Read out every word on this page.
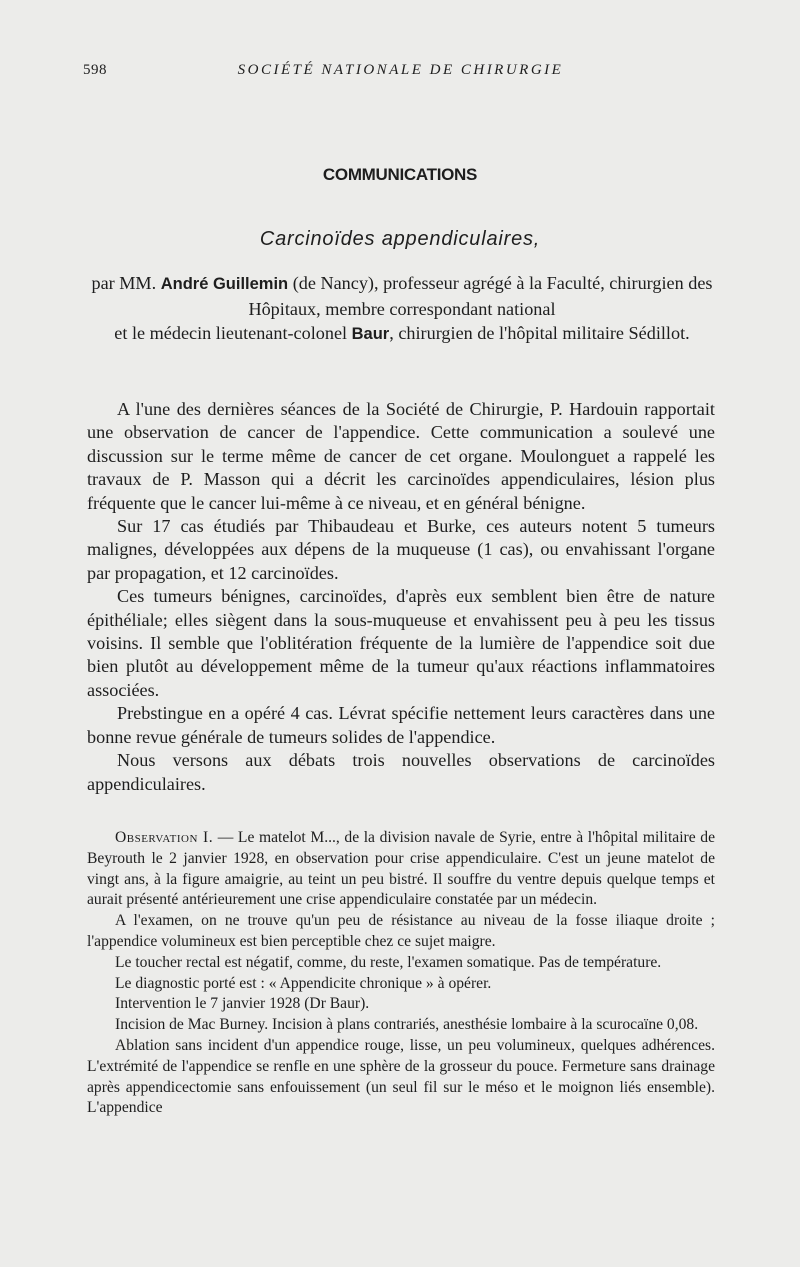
598	SOCIÉTÉ NATIONALE DE CHIRURGIE
COMMUNICATIONS
Carcinoïdes appendiculaires,
par MM. André Guillemin (de Nancy), professeur agrégé à la Faculté, chirurgien des Hôpitaux, membre correspondant national
et le médecin lieutenant-colonel Baur, chirurgien de l'hôpital militaire Sédillot.

A l'une des dernières séances de la Société de Chirurgie, P. Hardouin rapportait une observation de cancer de l'appendice. Cette communication a soulevé une discussion sur le terme même de cancer de cet organe. Moulonguet a rappelé les travaux de P. Masson qui a décrit les carcinoïdes appendiculaires, lésion plus fréquente que le cancer lui-même à ce niveau, et en général bénigne.

Sur 17 cas étudiés par Thibaudeau et Burke, ces auteurs notent 5 tumeurs malignes, développées aux dépens de la muqueuse (1 cas), ou envahissant l'organe par propagation, et 12 carcinoïdes.

Ces tumeurs bénignes, carcinoïdes, d'après eux semblent bien être de nature épithéliale; elles siègent dans la sous-muqueuse et envahissent peu à peu les tissus voisins. Il semble que l'oblitération fréquente de la lumière de l'appendice soit due bien plutôt au développement même de la tumeur qu'aux réactions inflammatoires associées.

Prebstingue en a opéré 4 cas. Lévrat spécifie nettement leurs caractères dans une bonne revue générale de tumeurs solides de l'appendice.

Nous versons aux débats trois nouvelles observations de carcinoïdes appendiculaires.

Observation I. — Le matelot M..., de la division navale de Syrie, entre à l'hôpital militaire de Beyrouth le 2 janvier 1928, en observation pour crise appendiculaire. C'est un jeune matelot de vingt ans, à la figure amaigrie, au teint un peu bistré. Il souffre du ventre depuis quelque temps et aurait présenté antérieurement une crise appendiculaire constatée par un médecin.

A l'examen, on ne trouve qu'un peu de résistance au niveau de la fosse iliaque droite ; l'appendice volumineux est bien perceptible chez ce sujet maigre.

Le toucher rectal est négatif, comme, du reste, l'examen somatique. Pas de température.

Le diagnostic porté est : « Appendicite chronique » à opérer.

Intervention le 7 janvier 1928 (Dr Baur).

Incision de Mac Burney. Incision à plans contrariés, anesthésie lombaire à la scurocaïne 0,08.

Ablation sans incident d'un appendice rouge, lisse, un peu volumineux, quelques adhérences. L'extrémité de l'appendice se renfle en une sphère de la grosseur du pouce. Fermeture sans drainage après appendicectomie sans enfouissement (un seul fil sur le méso et le moignon liés ensemble). L'appendice
